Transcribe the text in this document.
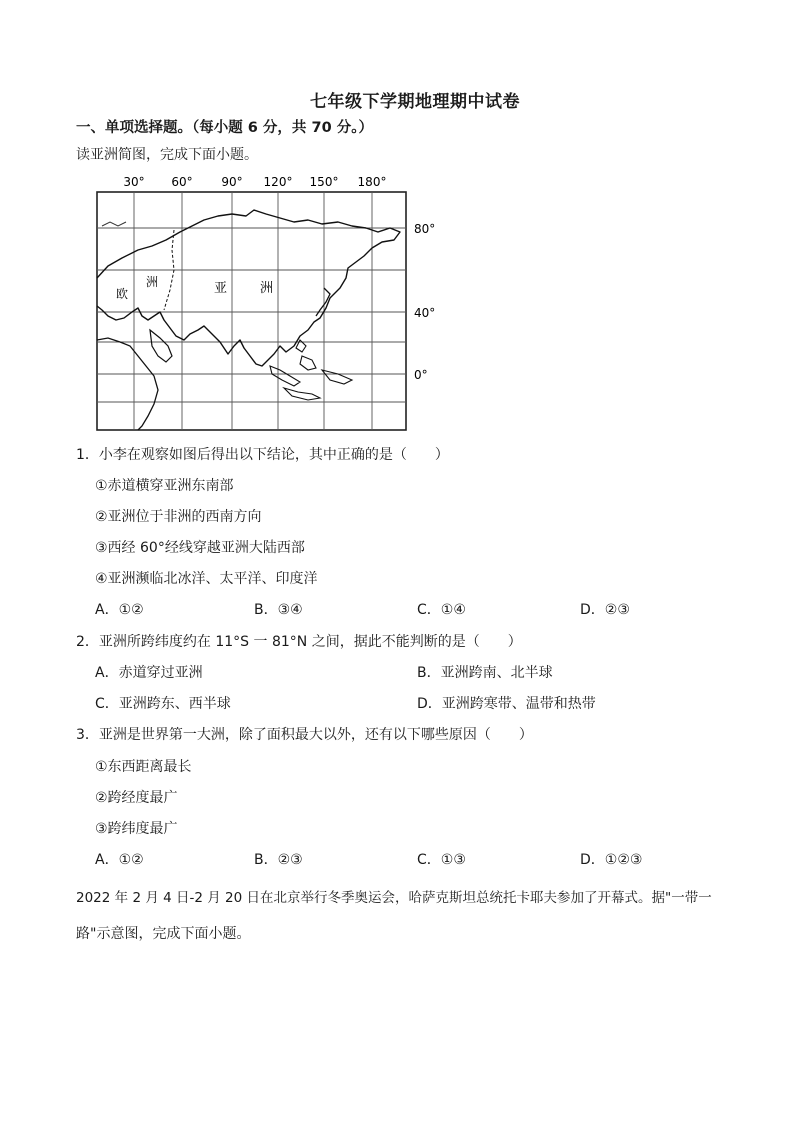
七年级下学期地理期中试卷
一、单项选择题。（每小题 6 分，共 70 分。）
读亚洲简图，完成下面小题。
30° 60° 90° 120° 150° 180°
80°
40°
0°
欧
洲	亚	洲
1．小李在观察如图后得出以下结论，其中正确的是（　　）
①赤道横穿亚洲东南部
②亚洲位于非洲的西南方向
③西经 60°经线穿越亚洲大陆西部
④亚洲濒临北冰洋、太平洋、印度洋
A．①②	B．③④	C．①④	D．②③
2．亚洲所跨纬度约在 11°S 一 81°N 之间，据此不能判断的是（　　）
A．赤道穿过亚洲	B．亚洲跨南、北半球
C．亚洲跨东、西半球	D．亚洲跨寒带、温带和热带
3．亚洲是世界第一大洲，除了面积最大以外，还有以下哪些原因（　　）
①东西距离最长
②跨经度最广
③跨纬度最广
A．①②	B．②③	C．①③	D．①②③
2022 年 2 月 4 日-2 月 20 日在北京举行冬季奥运会，哈萨克斯坦总统托卡耶夫参加了开幕式。据"一带一
路"示意图，完成下面小题。
